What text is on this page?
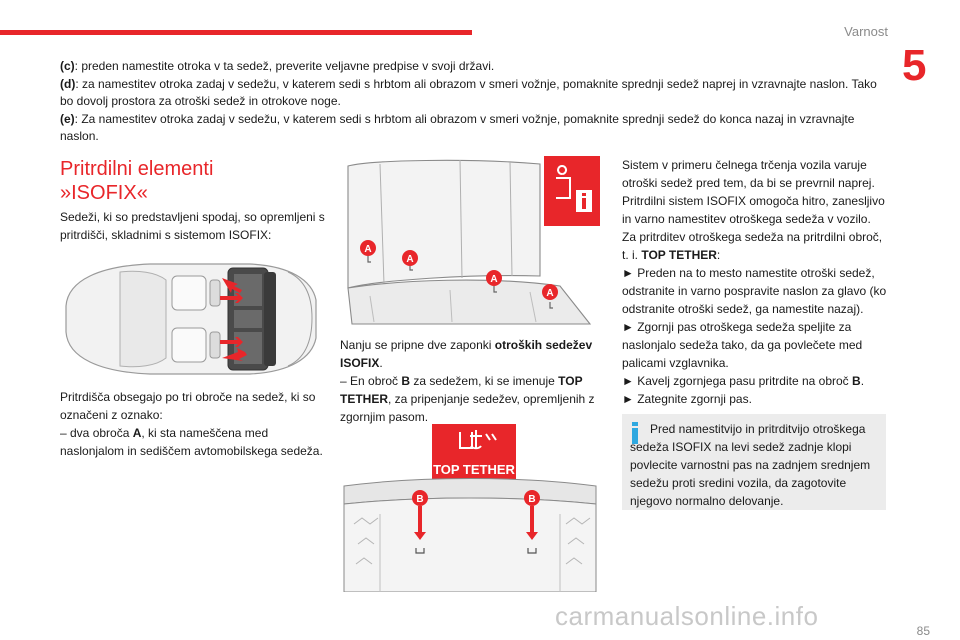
Varnost
5

(c): preden namestite otroka v ta sedež, preverite veljavne predpise v svoji državi.

(d): za namestitev otroka zadaj v sedežu, v katerem sedi s hrbtom ali obrazom v smeri vožnje, pomaknite sprednji sedež naprej in vzravnajte naslon. Tako bo dovolj prostora za otroški sedež in otrokove noge.

(e): Za namestitev otroka zadaj v sedežu, v katerem sedi s hrbtom ali obrazom v smeri vožnje, pomaknite sprednji sedež do konca nazaj in vzravnajte naslon.

Pritrdilni elementi
»ISOFIX«
Sedeži, ki so predstavljeni spodaj, so opremljeni s pritrdišči, skladnimi s sistemom ISOFIX:
Pritrdišča obsegajo po tri obroče na sedež, ki so označeni z oznako:
– dva obroča A, ki sta nameščena med naslonjalom in sediščem avtomobilskega sedeža.
A
A
A
A
Nanju se pripne dve zaponki otroških sedežev ISOFIX.
– En obroč B za sedežem, ki se imenuje TOP TETHER, za pripenjanje sedežev, opremljenih z zgornjim pasom.
TOP TETHER
B	B

Sistem v primeru čelnega trčenja vozila varuje otroški sedež pred tem, da bi se prevrnil naprej.

Pritrdilni sistem ISOFIX omogoča hitro, zanesljivo in varno namestitev otroškega sedeža v vozilo.

Za pritrditev otroškega sedeža na pritrdilni obroč, t. i. TOP TETHER:

► Preden na to mesto namestite otroški sedež, odstranite in varno pospravite naslon za glavo (ko odstranite otroški sedež, ga namestite nazaj).

► Zgornji pas otroškega sedeža speljite za naslonjalo sedeža tako, da ga povlečete med palicami vzglavnika.

► Kavelj zgornjega pasu pritrdite na obroč B.

► Zategnite zgornji pas.

Pred namestitvijo in pritrditvijo otroškega sedeža ISOFIX na levi sedež zadnje klopi povlecite varnostni pas na zadnjem srednjem sedežu proti sredini vozila, da zagotovite njegovo normalno delovanje.
carmanualsonline.info	85
